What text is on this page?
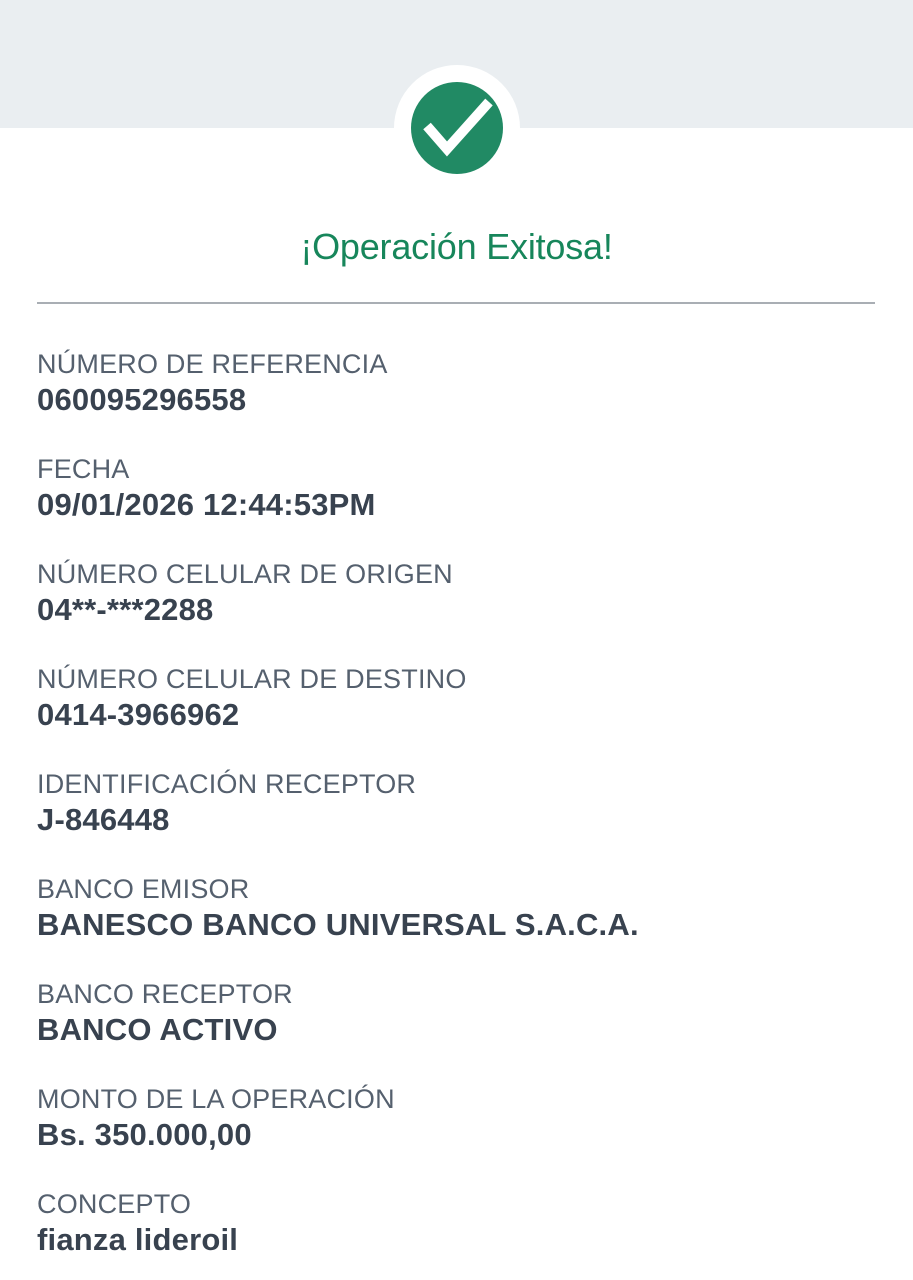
¡Operación Exitosa!
NÚMERO DE REFERENCIA
060095296558
FECHA
09/01/2026 12:44:53PM
NÚMERO CELULAR DE ORIGEN
04**-***2288
NÚMERO CELULAR DE DESTINO
0414-3966962
IDENTIFICACIÓN RECEPTOR
J-846448
BANCO EMISOR
BANESCO BANCO UNIVERSAL S.A.C.A.
BANCO RECEPTOR
BANCO ACTIVO
MONTO DE LA OPERACIÓN
Bs. 350.000,00
CONCEPTO
fianza lideroil
